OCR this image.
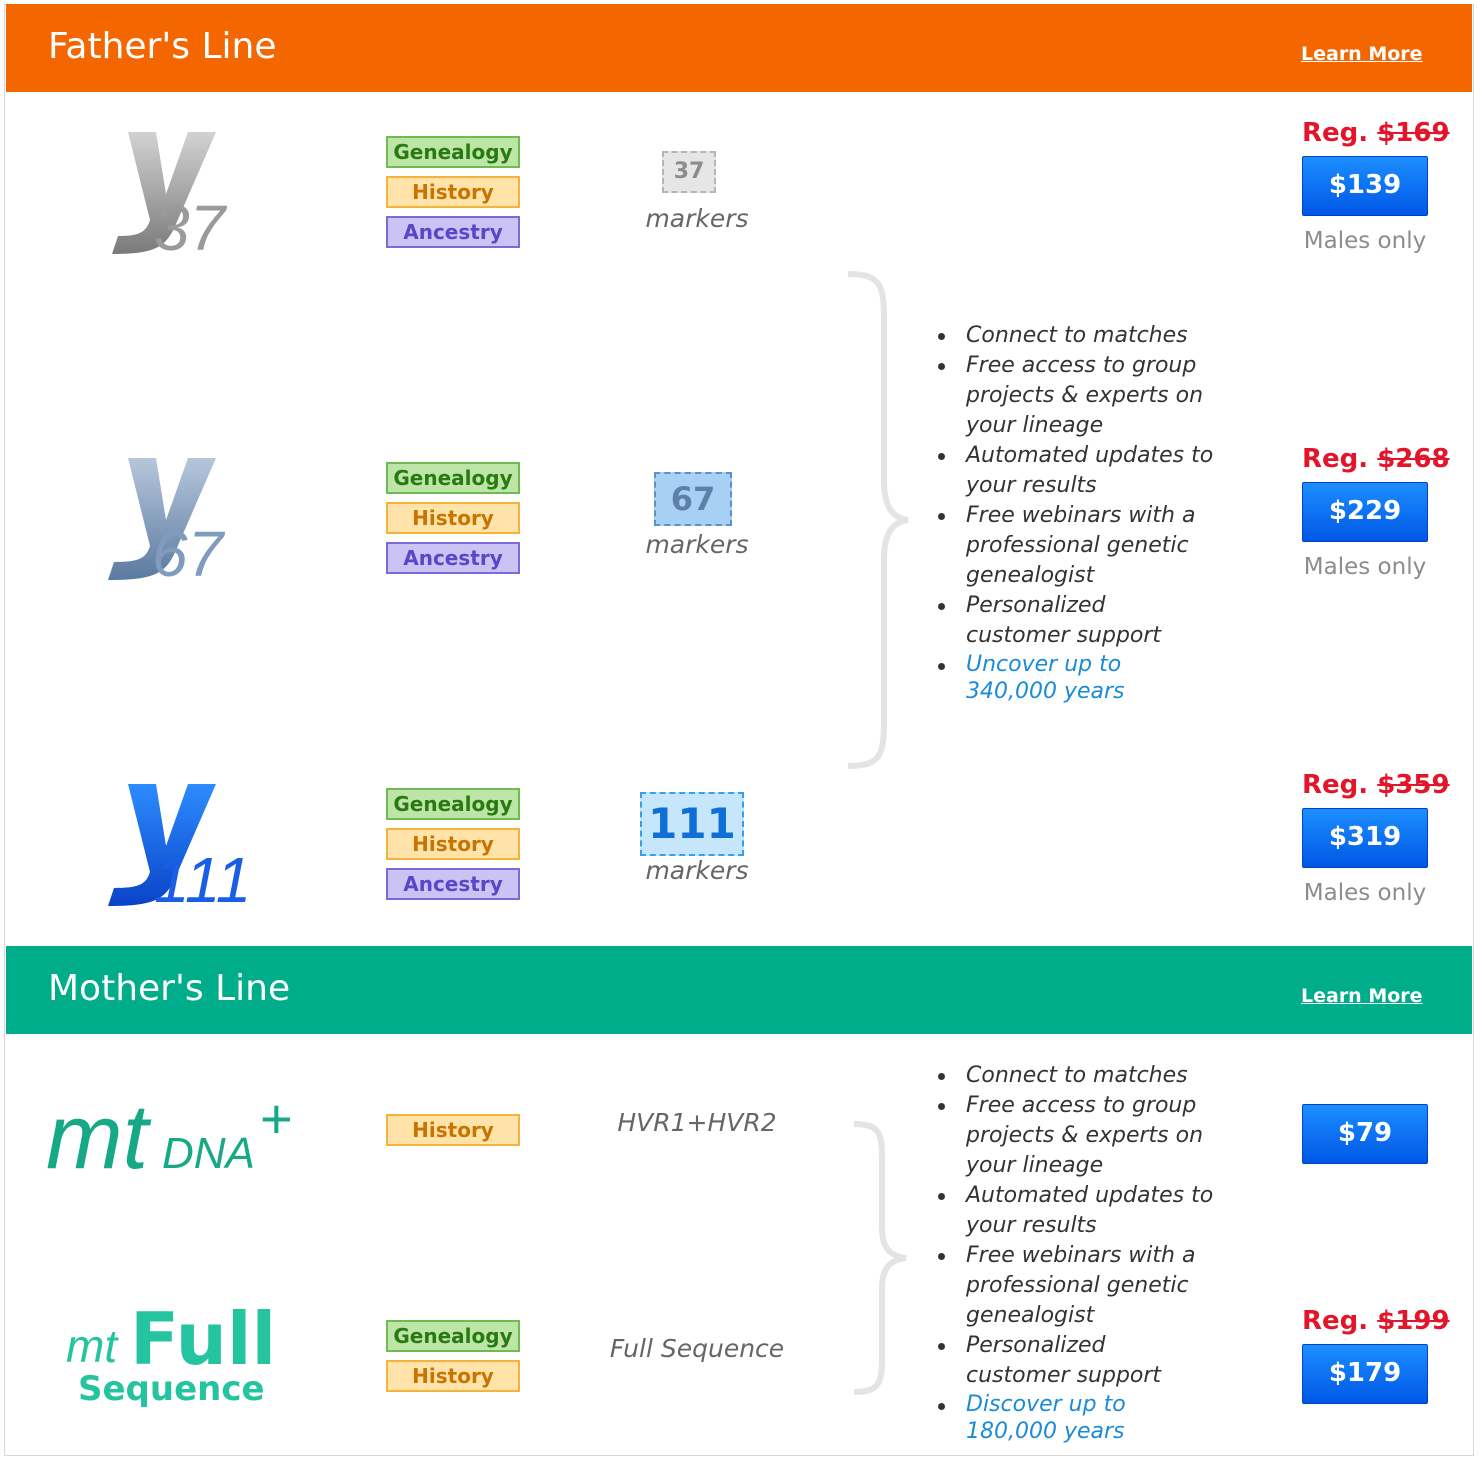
Father's Line	Learn More
37
67
111
Genealogy
History
Ancestry
Genealogy
History
Ancestry
Genealogy
History
Ancestry
37
markers
67
markers
111
markers
Connect to matches
Free access to group projects & experts on your lineage
Automated updates to your results
Free webinars with a professional genetic genealogist
Personalized customer support
Uncover up to 340,000 years
Reg. $169
$139
Males only
Reg. $268
$229
Males only
Reg. $359
$319
Males only
Mother's Line	Learn More
mt DNA
+
mt Full
Sequence
History
Genealogy
History
HVR1+HVR2
Full Sequence
Connect to matches
Free access to group projects & experts on your lineage
Automated updates to your results
Free webinars with a professional genetic genealogist
Personalized customer support
Discover up to 180,000 years
$79
Reg. $199
$179
